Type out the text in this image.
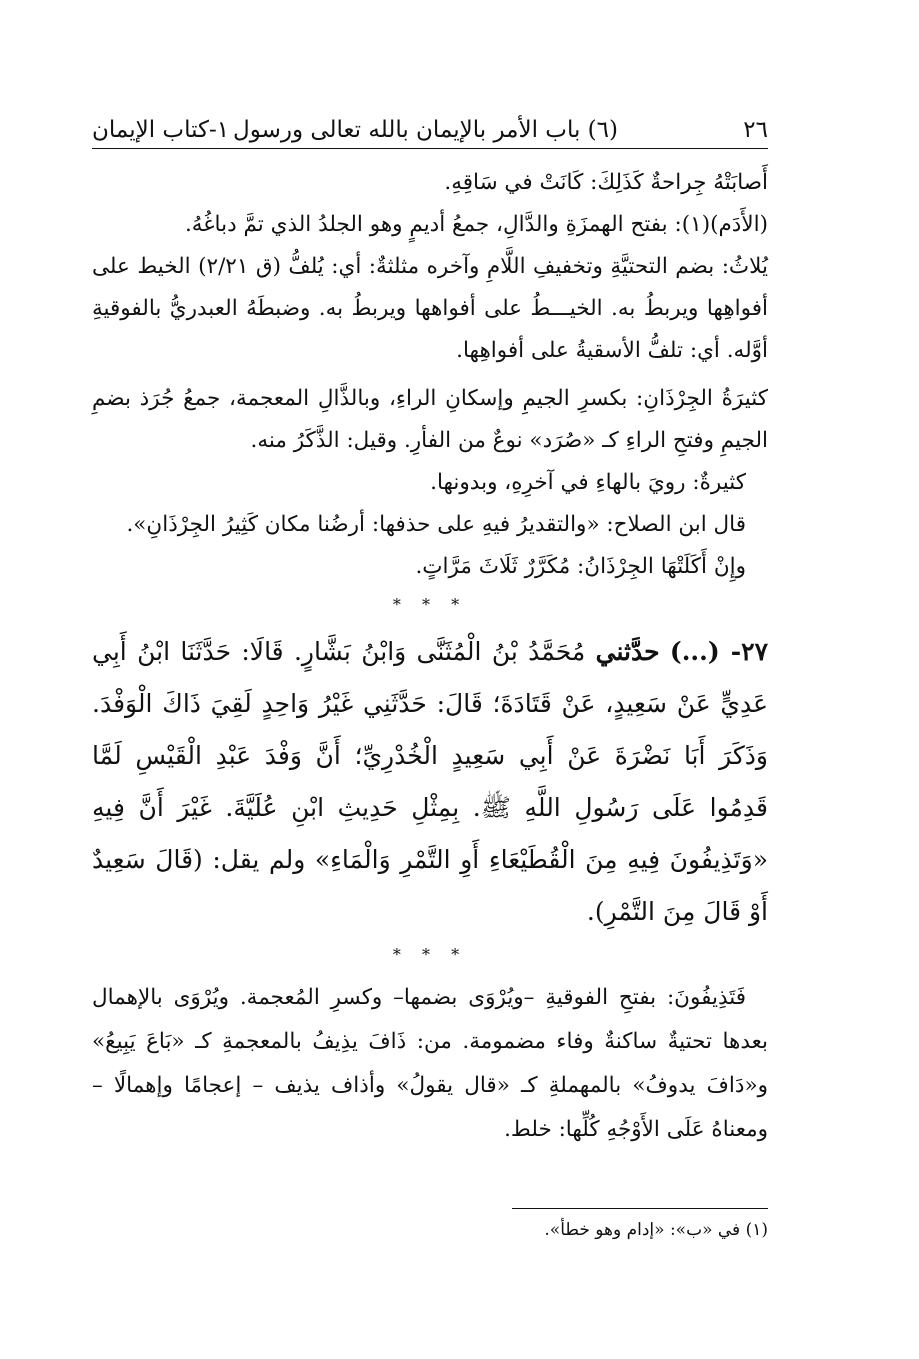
٢٦
(٦) باب الأمر بالإيمان بالله تعالى ورسول
١-كتاب الإيمان

أَصابَتْهُ جِراحةٌ كَذَلِكَ: كَانَتْ في سَاقِهِ.

(الأَدَم)(١): بفتح الهمزَةِ والدَّالِ، جمعُ أديمٍ وهو الجلدُ الذي تمَّ دباغُهُ.

يُلاثُ: بضم التحتيَّةِ وتخفيفِ اللَّامِ وآخره مثلثةٌ: أي: يُلفُّ (ق ٢/٢١) الخيط على أفواهِها ويربطُ به. الخيـــطُ على أفواهها ويربطُ به. وضبطَهُ العبدريُّ بالفوقيةِ أوَّله. أي: تلفُّ الأسقيةُ على أفواهِها.

كثيرَةُ الجِرْذَانِ: بكسرِ الجيمِ وإسكانِ الراءِ، وبالذَّالِ المعجمة، جمعُ جُرَذ بضمِ الجيمِ وفتحِ الراءِ كـ «صُرَد» نوعٌ من الفأرِ. وقيل: الذَّكَرُ منه.

كثيرةٌ: رويَ بالهاءِ في آخرِهِ، وبدونها.

قال ابن الصلاح: «والتقديرُ فيهِ على حذفها: أرضُنا مكان كَثِيرُ الجِرْذَانِ».

وإِنْ أَكَلَتْهَا الجِرْذَانُ: مُكَرَّرٌ ثَلَاثَ مَرَّاتٍ.

* * *

٢٧- (...) حدَّثني مُحَمَّدُ بْنُ الْمُثَنَّى وَابْنُ بَشَّارٍ. قَالَا: حَدَّثَنَا ابْنُ أَبِي عَدِيٍّ عَنْ سَعِيدٍ، عَنْ قَتَادَةَ؛ قَالَ: حَدَّثَنِي غَيْرُ وَاحِدٍ لَقِيَ ذَاكَ الْوَفْدَ. وَذَكَرَ أَبَا نَضْرَةَ عَنْ أَبِي سَعِيدٍ الْخُدْرِيِّ؛ أَنَّ وَفْدَ عَبْدِ الْقَيْسِ لَمَّا قَدِمُوا عَلَى رَسُولِ اللَّهِ ﷺ. بِمِثْلِ حَدِيثِ ابْنِ عُلَيَّةَ. غَيْرَ أَنَّ فِيهِ «وَتَذِيفُونَ فِيهِ مِنَ الْقُطَيْعَاءِ أَوِ التَّمْرِ وَالْمَاءِ» ولم يقل: (قَالَ سَعِيدٌ أَوْ قَالَ مِنَ التَّمْرِ).

* * *

فَتَذِيفُونَ: بفتحِ الفوقيةِ –ويُرْوَى بضمها– وكسرِ المُعجمة. ويُرْوَى بالإهمال بعدها تحتيةٌ ساكنةٌ وفاء مضمومة. من: ذَافَ يذِيفُ بالمعجمةِ كـ «بَاعَ يَبِيعُ» و«دَافَ يدوفُ» بالمهملةِ كـ «قال يقولُ» وأذاف يذيف – إعجامًا وإهمالًا – ومعناهُ عَلَى الأَوْجُهِ كُلِّها: خلط.

(١) في «ب»: «إدام وهو خطأ».
